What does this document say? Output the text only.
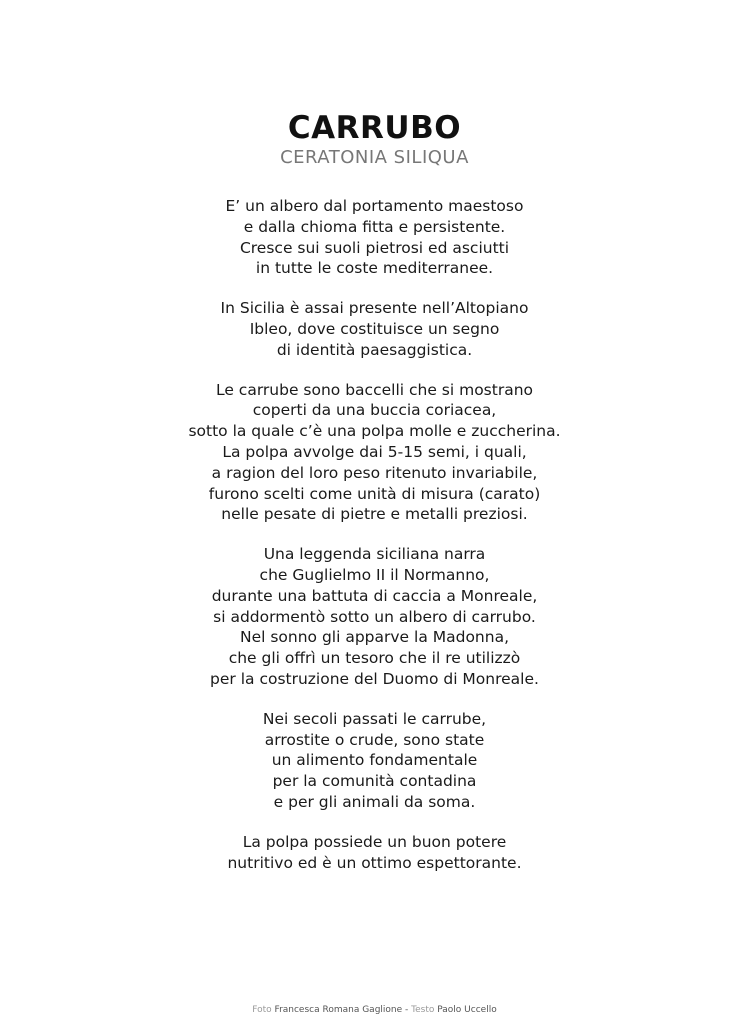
CARRUBO
CERATONIA SILIQUA
E’ un albero dal portamento maestoso
e dalla chioma fitta e persistente.
Cresce sui suoli pietrosi ed asciutti
in tutte le coste mediterranee.
In Sicilia è assai presente nell’Altopiano
Ibleo, dove costituisce un segno
di identità paesaggistica.
Le carrube sono baccelli che si mostrano
coperti da una buccia coriacea,
sotto la quale c’è una polpa molle e zuccherina.
La polpa avvolge dai 5-15 semi, i quali,
a ragion del loro peso ritenuto invariabile,
furono scelti come unità di misura (carato)
nelle pesate di pietre e metalli preziosi.
Una leggenda siciliana narra
che Guglielmo II il Normanno,
durante una battuta di caccia a Monreale,
si addormentò sotto un albero di carrubo.
Nel sonno gli apparve la Madonna,
che gli offrì un tesoro che il re utilizzò
per la costruzione del Duomo di Monreale.
Nei secoli passati le carrube,
arrostite o crude, sono state
un alimento fondamentale
per la comunità contadina
e per gli animali da soma.
La polpa possiede un buon potere
nutritivo ed è un ottimo espettorante.
Foto Francesca Romana Gaglione - Testo Paolo Uccello
